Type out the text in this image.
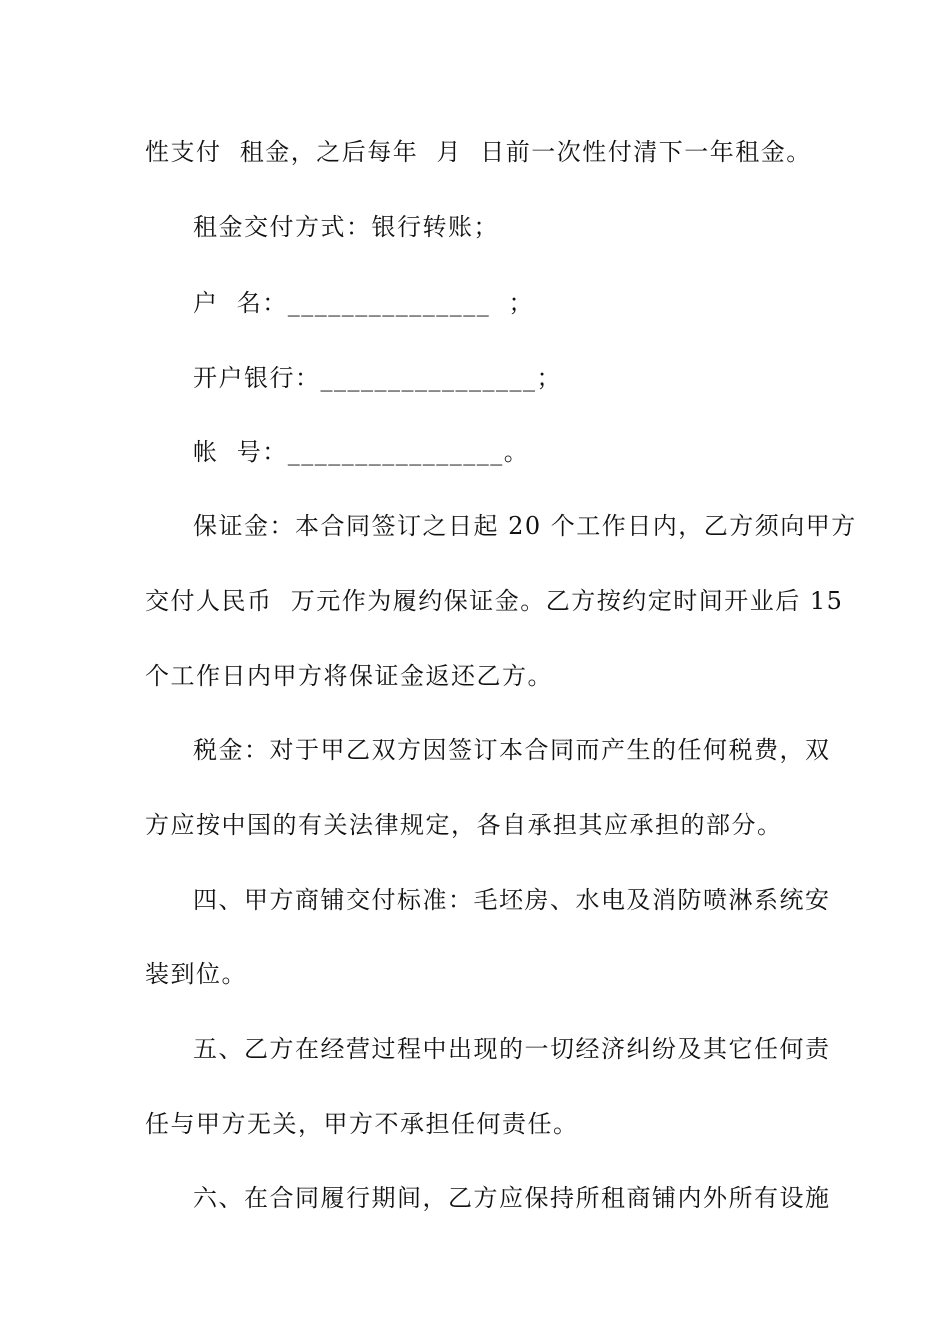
性支付  租金，之后每年  月  日前一次性付清下一年租金。
租金交付方式：银行转账；
户  名：_______________  ；
开户银行：________________；
帐  号：________________。
保证金：本合同签订之日起 20 个工作日内，乙方须向甲方
交付人民币  万元作为履约保证金。乙方按约定时间开业后 15
个工作日内甲方将保证金返还乙方。
税金：对于甲乙双方因签订本合同而产生的任何税费，双
方应按中国的有关法律规定，各自承担其应承担的部分。
四、甲方商铺交付标准：毛坯房、水电及消防喷淋系统安
装到位。
五、乙方在经营过程中出现的一切经济纠纷及其它任何责
任与甲方无关，甲方不承担任何责任。
六、在合同履行期间，乙方应保持所租商铺内外所有设施
